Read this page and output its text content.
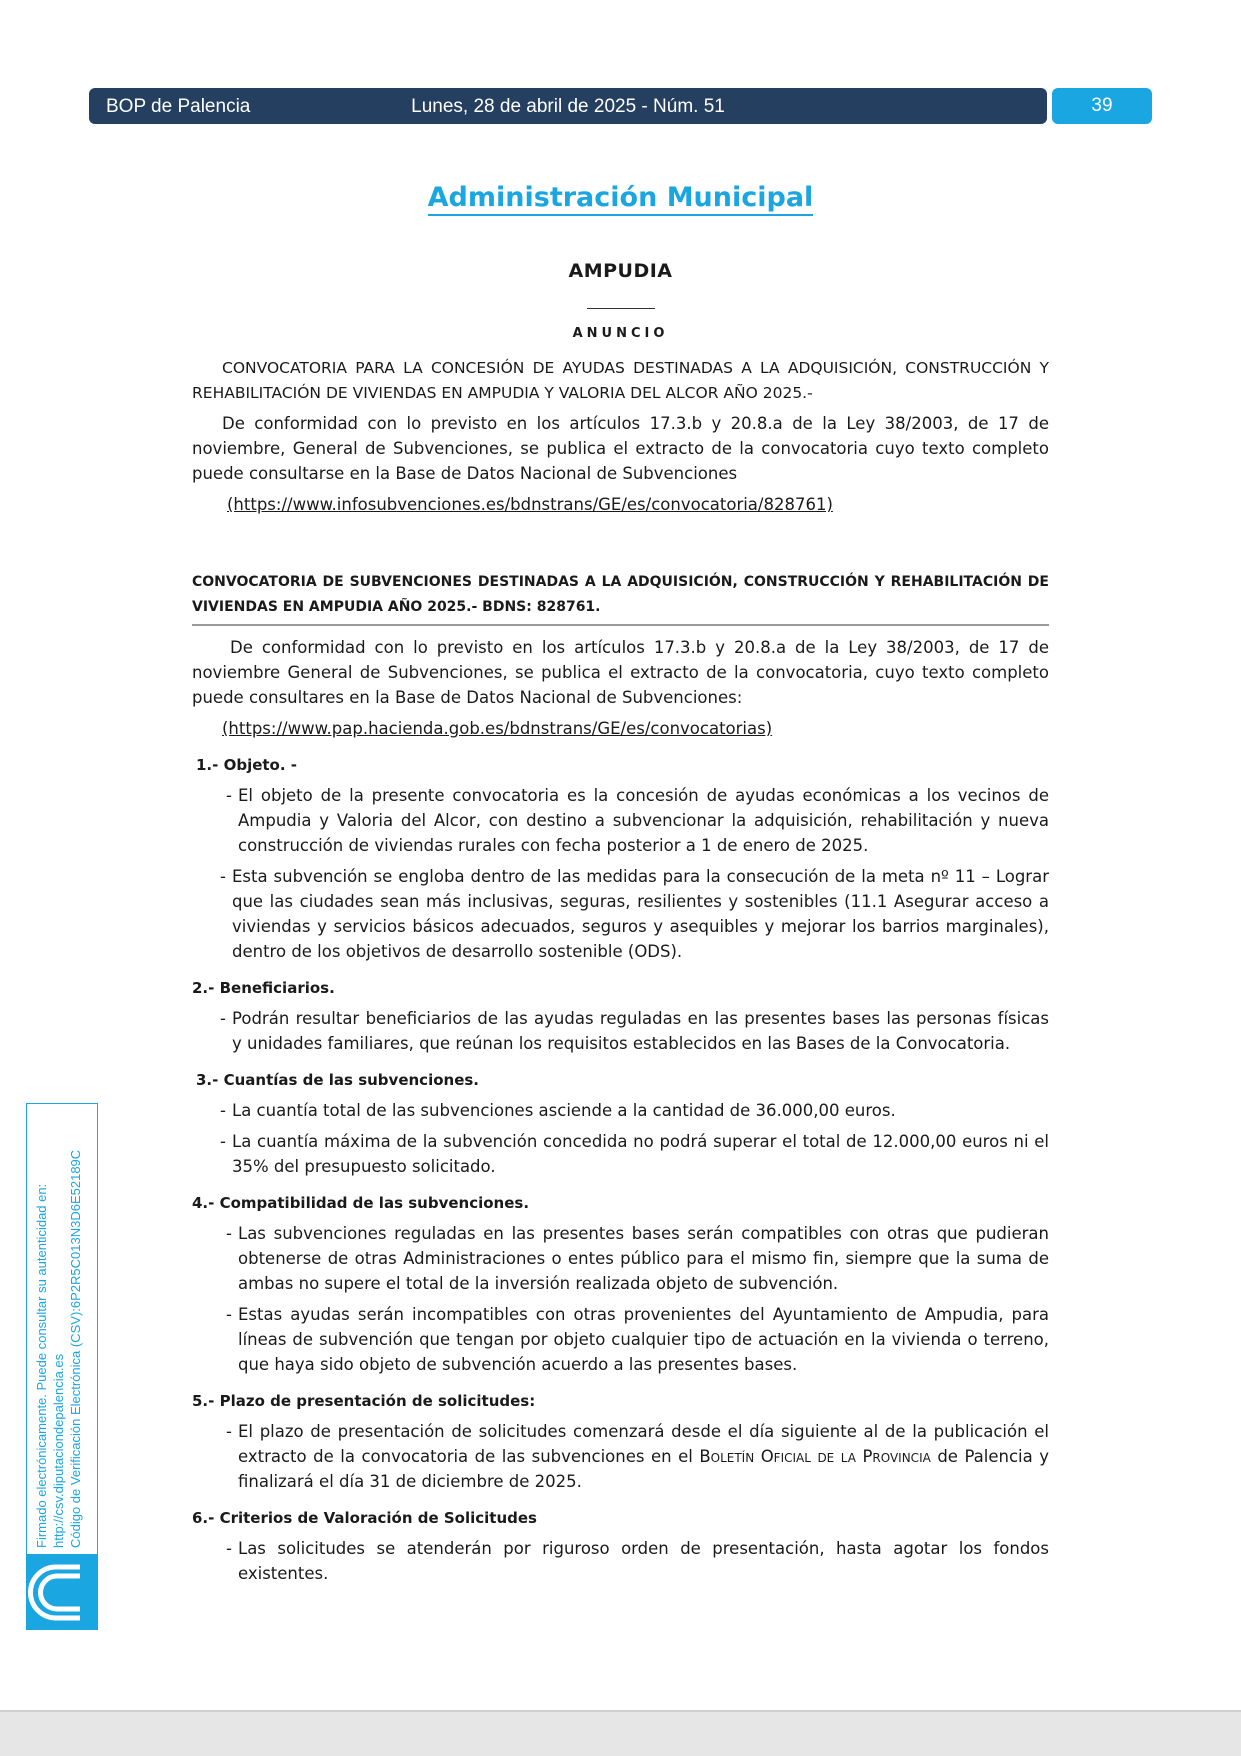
BOP de Palencia	Lunes, 28 de abril de 2025 - Núm. 51	39
Administración Municipal
AMPUDIA
ANUNCIO

CONVOCATORIA PARA LA CONCESIÓN DE AYUDAS DESTINADAS A LA ADQUISICIÓN, CONSTRUCCIÓN Y REHABILITACIÓN DE VIVIENDAS EN AMPUDIA Y VALORIA DEL ALCOR AÑO 2025.-

De conformidad con lo previsto en los artículos 17.3.b y 20.8.a de la Ley 38/2003, de 17 de noviembre, General de Subvenciones, se publica el extracto de la convocatoria cuyo texto completo puede consultarse en la Base de Datos Nacional de Subvenciones

(https://www.infosubvenciones.es/bdnstrans/GE/es/convocatoria/828761)

CONVOCATORIA DE SUBVENCIONES DESTINADAS A LA ADQUISICIÓN, CONSTRUCCIÓN Y REHABILITACIÓN DE VIVIENDAS EN AMPUDIA AÑO 2025.- BDNS: 828761.

De conformidad con lo previsto en los artículos 17.3.b y 20.8.a de la Ley 38/2003, de 17 de noviembre General de Subvenciones, se publica el extracto de la convocatoria, cuyo texto completo puede consultares en la Base de Datos Nacional de Subvenciones:

(https://www.pap.hacienda.gob.es/bdnstrans/GE/es/convocatorias)

1.- Objeto. -

- El objeto de la presente convocatoria es la concesión de ayudas económicas a los vecinos de Ampudia y Valoria del Alcor, con destino a subvencionar la adquisición, rehabilitación y nueva construcción de viviendas rurales con fecha posterior a 1 de enero de 2025.
- Esta subvención se engloba dentro de las medidas para la consecución de la meta nº 11 – Lograr que las ciudades sean más inclusivas, seguras, resilientes y sostenibles (11.1 Asegurar acceso a viviendas y servicios básicos adecuados, seguros y asequibles y mejorar los barrios marginales), dentro de los objetivos de desarrollo sostenible (ODS).

2.- Beneficiarios.

- Podrán resultar beneficiarios de las ayudas reguladas en las presentes bases las personas físicas y unidades familiares, que reúnan los requisitos establecidos en las Bases de la Convocatoria.

3.- Cuantías de las subvenciones.

- La cuantía total de las subvenciones asciende a la cantidad de 36.000,00 euros.
- La cuantía máxima de la subvención concedida no podrá superar el total de 12.000,00 euros ni el 35% del presupuesto solicitado.

4.- Compatibilidad de las subvenciones.

- Las subvenciones reguladas en las presentes bases serán compatibles con otras que pudieran obtenerse de otras Administraciones o entes público para el mismo fin, siempre que la suma de ambas no supere el total de la inversión realizada objeto de subvención.
- Estas ayudas serán incompatibles con otras provenientes del Ayuntamiento de Ampudia, para líneas de subvención que tengan por objeto cualquier tipo de actuación en la vivienda o terreno, que haya sido objeto de subvención acuerdo a las presentes bases.

5.- Plazo de presentación de solicitudes:

- El plazo de presentación de solicitudes comenzará desde el día siguiente al de la publicación el extracto de la convocatoria de las subvenciones en el Boletín Oficial de la Provincia de Palencia y finalizará el día 31 de diciembre de 2025.

6.- Criterios de Valoración de Solicitudes

- Las solicitudes se atenderán por riguroso orden de presentación, hasta agotar los fondos existentes.
Firmado electrónicamente. Puede consultar su autenticidad en: http://csv.diputaciondepalencia.es Código de Verificación Electrónica (CSV):6P2R5C013N3D6E52189C
